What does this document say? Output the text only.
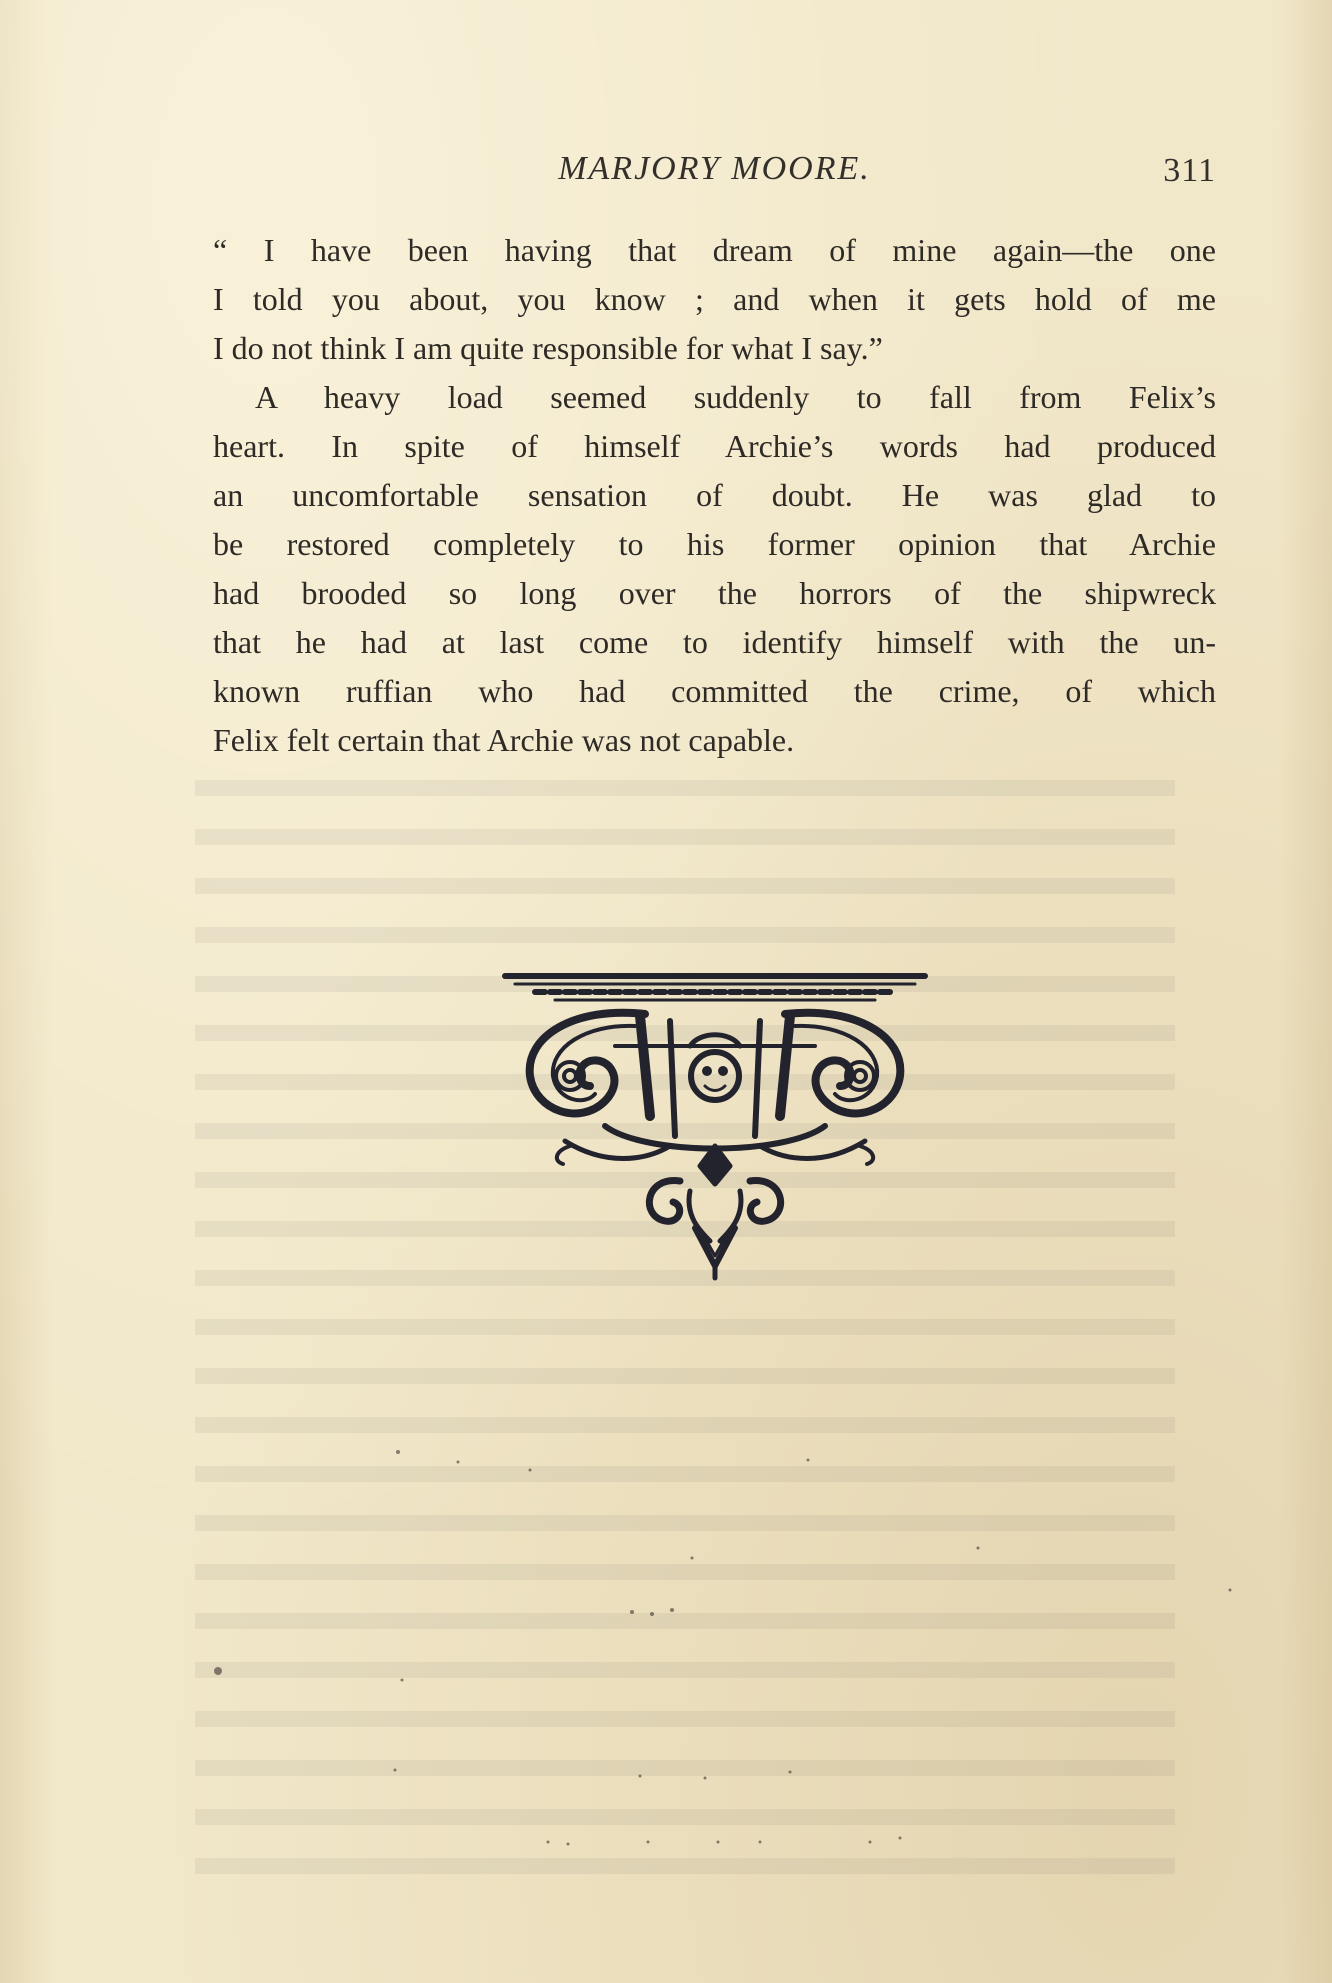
MARJORY MOORE.	311

“ I have been having that dream of mine again—the one

I told you about, you know ; and when it gets hold of me

I do not think I am quite responsible for what I say.”

A heavy load seemed suddenly to fall from Felix’s

heart. In spite of himself Archie’s words had produced

an uncomfortable sensation of doubt. He was glad to

be restored completely to his former opinion that Archie

had brooded so long over the horrors of the shipwreck

that he had at last come to identify himself with the un-

known ruffian who had committed the crime, of which

Felix felt certain that Archie was not capable.
